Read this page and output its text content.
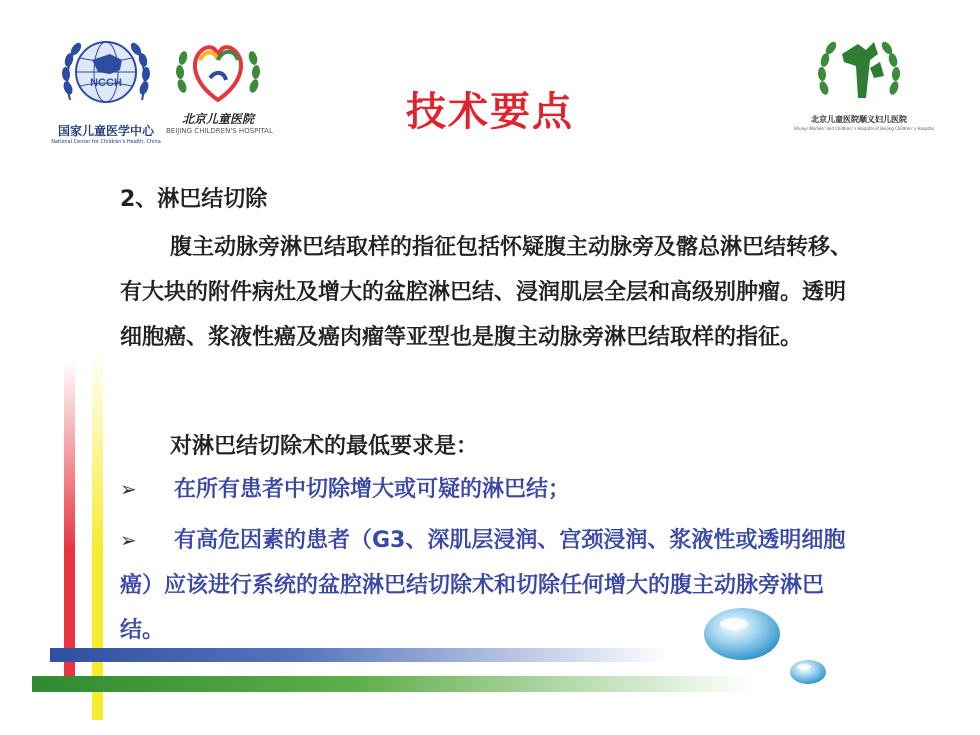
NCCH
国家儿童医学中心
National Center for Children's Health, China
北京儿童医院
BEIJING CHILDREN'S HOSPITAL
北京儿童医院顺义妇儿医院
Shunyi Women' and Children' s Hospital of Beijing Children' s Hospital
技术要点
2、淋巴结切除
腹主动脉旁淋巴结取样的指征包括怀疑腹主动脉旁及髂总淋巴结转移、有大块的附件病灶及增大的盆腔淋巴结、浸润肌层全层和高级别肿瘤。透明细胞癌、浆液性癌及癌肉瘤等亚型也是腹主动脉旁淋巴结取样的指征。
对淋巴结切除术的最低要求是：
➢ 在所有患者中切除增大或可疑的淋巴结；
➢ 有高危因素的患者（G3、深肌层浸润、宫颈浸润、浆液性或透明细胞癌）应该进行系统的盆腔淋巴结切除术和切除任何增大的腹主动脉旁淋巴结。
